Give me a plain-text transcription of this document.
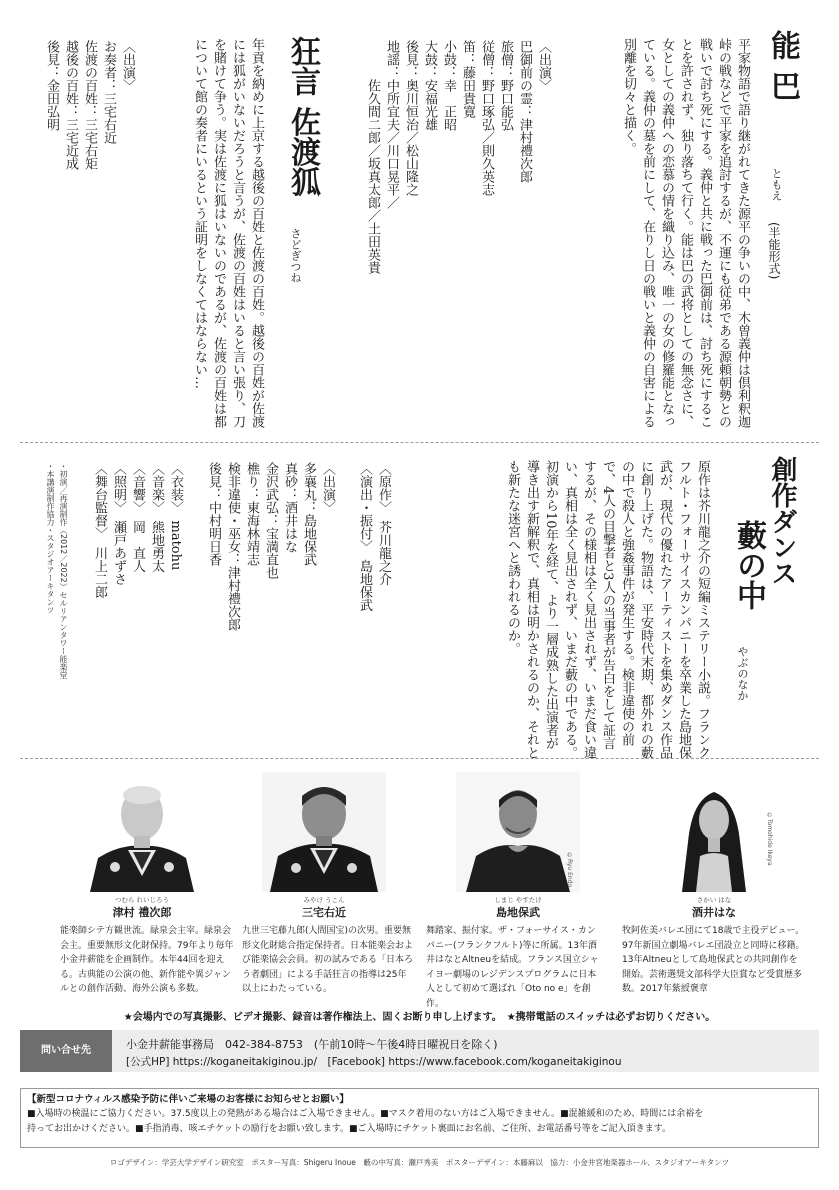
能 巴
ともえ
(半能形式)
平家物語で語り継がれてきた源平の争いの中、木曽義仲は倶利釈迦峠の戦などで平家を追討するが、不運にも従弟である源頼朝勢との戦いで討ち死にする。義仲と共に戦った巴御前は、討ち死にすることを許されず、独り落ちて行く。能は巴の武将としての無念さに、女としての義仲への恋慕の情を織り込み、唯一の女の修羅能となっている。義仲の墓を前にして、在りし日の戦いと義仲の自害による別離を切々と描く。
〈出演〉
巴御前の霊：津村禮次郎
旅僧：野口能弘
従僧：野口琢弘／則久英志
笛：藤田貴寛
小鼓：幸　正昭
大鼓：安福光雄
後見：奥川恒治／松山隆之
地謡：中所宜夫／川口晃平／
　　　佐久間二郎／坂真太郎／土田英貴
狂言 佐渡狐
さどぎつね
年貢を納めに上京する越後の百姓と佐渡の百姓。越後の百姓が佐渡には狐がいないだろうと言うが、佐渡の百姓はいると言い張り、刀を賭けて争う。実は佐渡に狐はいないのであるが、佐渡の百姓は都について館の奏者にいるという証明をしなくてはならない…
〈出演〉
お奏者：三宅右近
佐渡の百姓：三宅右矩
越後の百姓：三宅近成
後見：金田弘明
創作ダンス
藪の中
やぶのなか
原作は芥川龍之介の短編ミステリー小説。フランクフルト・フォーサイスカンパニーを卒業した島地保武が、現代の優れたアーティストを集めダンス作品に創り上げた。物語は、平安時代末期、都外れの藪の中で殺人と強姦事件が発生する。検非違使の前で、4人の目撃者と3人の当事者が告白をして証言するが、その様相は全く見出されず、いまだ食い違い、真相は全く見出されず、いまだ藪の中である。初演から10年を経て、より一層成熟した出演者が導き出す新解釈で、真相は明かされるのか、それとも新たな迷宮へと誘われるのか。
〈原作〉　芥川龍之介
〈演出・振付〉　島地保武
〈出演〉
多襄丸：島地保武
真砂：酒井はな
金沢武弘：宝満直也
樵り：東海林靖志
検非違使・巫女：津村禮次郎
後見：中村明日香
〈衣装〉　matohu
〈音楽〉　熊地勇太
〈音響〉　岡　直人
〈照明〉　瀬戸あずさ
〈舞台監督〉　川上二郎
・初演／再演制作（2012／2022）セルリアンタワー能楽堂
・本講演制作協力・スタジオアーキタンツ
つむら れいじろう
津村 禮次郎
能楽師シテ方観世流。緑泉会主宰。緑泉会会主。重要無形文化財保持。79年より毎年小金井薪能を企画制作。本年44回を迎える。古典能の公演の他、新作能や異ジャンルとの創作活動、海外公演も多数。
みやけ うこん
三宅右近
九世三宅藤九郎(人間国宝)の次男。重要無形文化財総合指定保持者。日本能楽会および能楽協会会員。初の試みである「日本ろう者劇団」による手話狂言の指導は25年以上にわたっている。
©Ryu Endo
しまじ やすたけ
島地保武
舞踏家、振付家。ザ・フォーサイス・カンパニー(フランクフルト)等に所属。13年酒井はなとAltneuを結成。フランス国立シャイヨー劇場のレジデンスプログラムに日本人として初めて選ばれ「Oto no e」を創作。
©Tomohide Ikeya
さかい はな
酒井はな
牧阿佐美バレエ団にて18歳で主役デビュー。97年新国立劇場バレエ団設立と同時に移籍。13年Altneuとして島地保武との共同創作を開始。芸術選奨文部科学大臣賞など受賞歴多数。2017年紫綬褒章
★会場内での写真撮影、ビデオ撮影、録音は著作権法上、固くお断り申し上げます。　★携帯電話のスイッチは必ずお切りください。
問い合せ先	小金井薪能事務局　042-384-8753　(午前10時～午後4時日曜祝日を除く)
[公式HP] https://koganeitakiginou.jp/　[Facebook] https://www.facebook.com/koganeitakiginou
【新型コロナウィルス感染予防に伴いご来場のお客様にお知らせとお願い】
■入場時の検温にご協力ください。37.5度以上の発熱がある場合はご入場できません。■マスク着用のない方はご入場できません。■混雑緩和のため、時間には余裕を
持ってお出かけください。■手指消毒、咳エチケットの励行をお願い致します。■ご入場時にチケット裏面にお名前、ご住所、お電話番号等をご記入頂きます。
ロゴデザイン：学芸大学デザイン研究室　ポスター写真：Shigeru Inoue　藪の中写真：瀬戸秀美　ポスターデザイン：本藤麻以　協力：小金井宮地楽器ホール、スタジオアーキタンツ
